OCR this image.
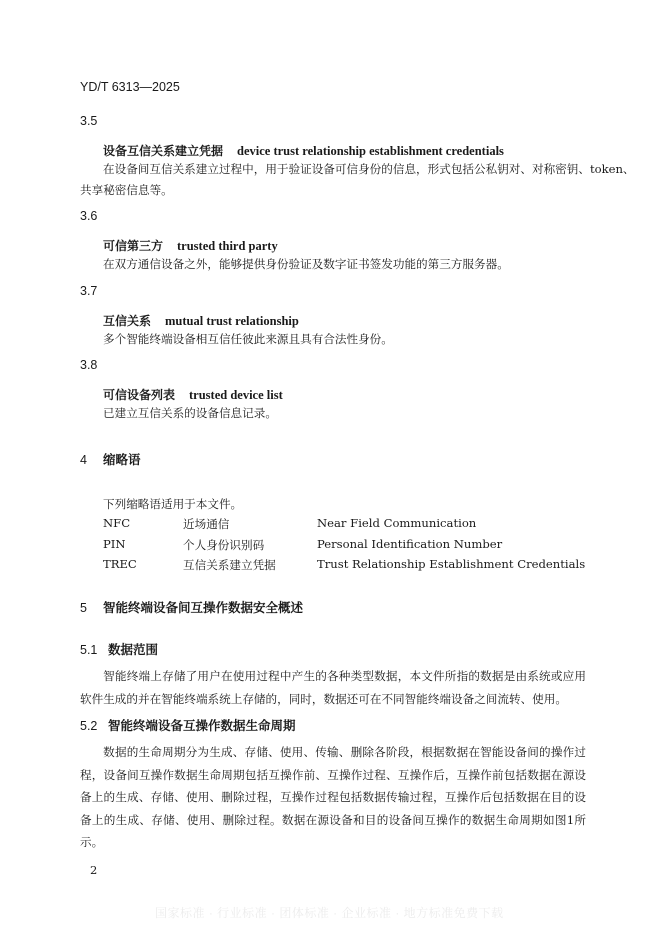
YD/T 6313—2025
3.5
设备互信关系建立凭据 device trust relationship establishment credentials
在设备间互信关系建立过程中，用于验证设备可信身份的信息，形式包括公私钥对、对称密钥、token、
共享秘密信息等。
3.6
可信第三方 trusted third party
在双方通信设备之外，能够提供身份验证及数字证书签发功能的第三方服务器。
3.7
互信关系 mutual trust relationship
多个智能终端设备相互信任彼此来源且具有合法性身份。
3.8
可信设备列表 trusted device list
已建立互信关系的设备信息记录。
4 缩略语
下列缩略语适用于本文件。
NFC	近场通信	Near Field Communication
PIN	个人身份识别码	Personal Identification Number
TREC	互信关系建立凭据	Trust Relationship Establishment Credentials
5 智能终端设备间互操作数据安全概述
5.1 数据范围
智能终端上存储了用户在使用过程中产生的各种类型数据，本文件所指的数据是由系统或应用软件生成的并在智能终端系统上存储的，同时，数据还可在不同智能终端设备之间流转、使用。
5.2 智能终端设备互操作数据生命周期
数据的生命周期分为生成、存储、使用、传输、删除各阶段，根据数据在智能设备间的操作过程，设备间互操作数据生命周期包括互操作前、互操作过程、互操作后，互操作前包括数据在源设备上的生成、存储、使用、删除过程，互操作过程包括数据传输过程，互操作后包括数据在目的设备上的生成、存储、使用、删除过程。数据在源设备和目的设备间互操作的数据生命周期如图1所示。
2
国家标准 · 行业标准 · 团体标准 · 企业标准 · 地方标准免费下载
